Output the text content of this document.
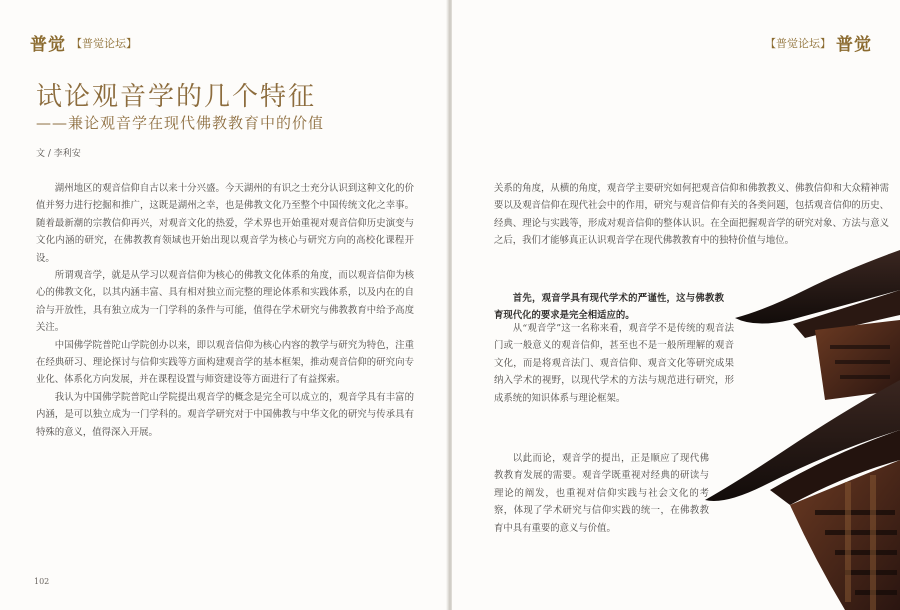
普觉 【普觉论坛】
试论观音学的几个特征
——兼论观音学在现代佛教教育中的价值
文 / 李利安

湖州地区的观音信仰自古以来十分兴盛。今天湖州的有识之士充分认识到这种文化的价值并努力进行挖掘和推广，这既是湖州之幸，也是佛教文化乃至整个中国传统文化之幸事。随着最新潮的宗教信仰再兴，对观音文化的热爱，学术界也开始重视对观音信仰历史演变与文化内涵的研究，在佛教教育领域也开始出现以观音学为核心与研究方向的高校化课程开设。

所谓观音学，就是从学习以观音信仰为核心的佛教文化体系的角度，而以观音信仰为核心的佛教文化，以其内涵丰富、具有相对独立而完整的理论体系和实践体系，以及内在的自洽与开放性，具有独立成为一门学科的条件与可能，值得在学术研究与佛教教育中给予高度关注。

中国佛学院普陀山学院创办以来，即以观音信仰为核心内容的教学与研究为特色，注重在经典研习、理论探讨与信仰实践等方面构建观音学的基本框架，推动观音信仰的研究向专业化、体系化方向发展，并在课程设置与师资建设等方面进行了有益探索。

我认为中国佛学院普陀山学院提出观音学的概念是完全可以成立的，观音学具有丰富的内涵，是可以独立成为一门学科的。观音学研究对于中国佛教与中华文化的研究与传承具有特殊的意义，值得深入开展。

102
【普觉论坛】 普觉

关系的角度，从横的角度，观音学主要研究如何把观音信仰和佛教教义、佛教信仰和大众精神需要以及观音信仰在现代社会中的作用，研究与观音信仰有关的各类问题，包括观音信仰的历史、经典、理论与实践等，形成对观音信仰的整体认识。在全面把握观音学的研究对象、方法与意义之后，我们才能够真正认识观音学在现代佛教教育中的独特价值与地位。

首先，观音学具有现代学术的严谨性，这与佛教教育现代化的要求是完全相适应的。

从“观音学”这一名称来看，观音学不是传统的观音法门或一般意义的观音信仰，甚至也不是一般所理解的观音文化，而是将观音法门、观音信仰、观音文化等研究成果纳入学术的视野，以现代学术的方法与规范进行研究，形成系统的知识体系与理论框架。

以此而论，观音学的提出，正是顺应了现代佛教教育发展的需要。观音学既重视对经典的研读与理论的阐发，也重视对信仰实践与社会文化的考察，体现了学术研究与信仰实践的统一，在佛教教育中具有重要的意义与价值。
